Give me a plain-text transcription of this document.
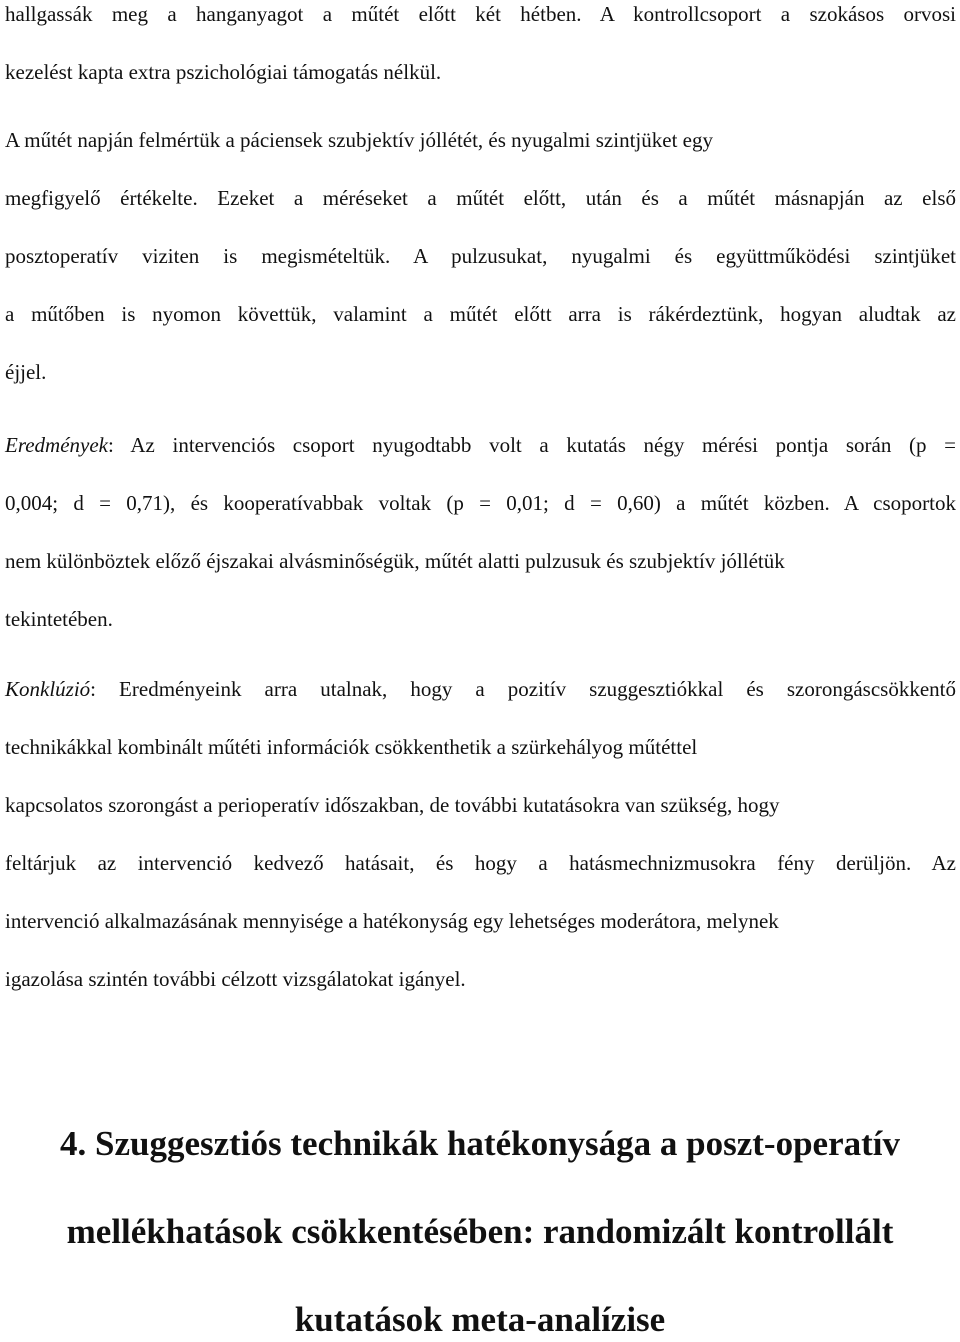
hallgassák meg a hanganyagot a műtét előtt két hétben. A kontrollcsoport a szokásos orvosi

kezelést kapta extra pszichológiai támogatás nélkül.

A műtét napján felmértük a páciensek szubjektív jóllétét, és nyugalmi szintjüket egy

megfigyelő értékelte. Ezeket a méréseket a műtét előtt, után és a műtét másnapján az első

posztoperatív viziten is megismételtük. A pulzusukat, nyugalmi és együttműködési szintjüket

a műtőben is nyomon követtük, valamint a műtét előtt arra is rákérdeztünk, hogyan aludtak az

éjjel.

Eredmények: Az intervenciós csoport nyugodtabb volt a kutatás négy mérési pontja során (p =

0,004; d = 0,71), és kooperatívabbak voltak (p = 0,01; d = 0,60) a műtét közben. A csoportok

nem különböztek előző éjszakai alvásminőségük, műtét alatti pulzusuk és szubjektív jóllétük

tekintetében.

Konklúzió: Eredményeink arra utalnak, hogy a pozitív szuggesztiókkal és szorongáscsökkentő

technikákkal kombinált műtéti információk csökkenthetik a szürkehályog műtéttel

kapcsolatos szorongást a perioperatív időszakban, de további kutatásokra van szükség, hogy

feltárjuk az intervenció kedvező hatásait, és hogy a hatásmechnizmusokra fény derüljön. Az

intervenció alkalmazásának mennyisége a hatékonyság egy lehetséges moderátora, melynek

igazolása szintén további célzott vizsgálatokat igányel.

4. Szuggesztiós technikák hatékonysága a poszt-operatív
mellékhatások csökkentésében: randomizált kontrollált
kutatások meta-analízise
